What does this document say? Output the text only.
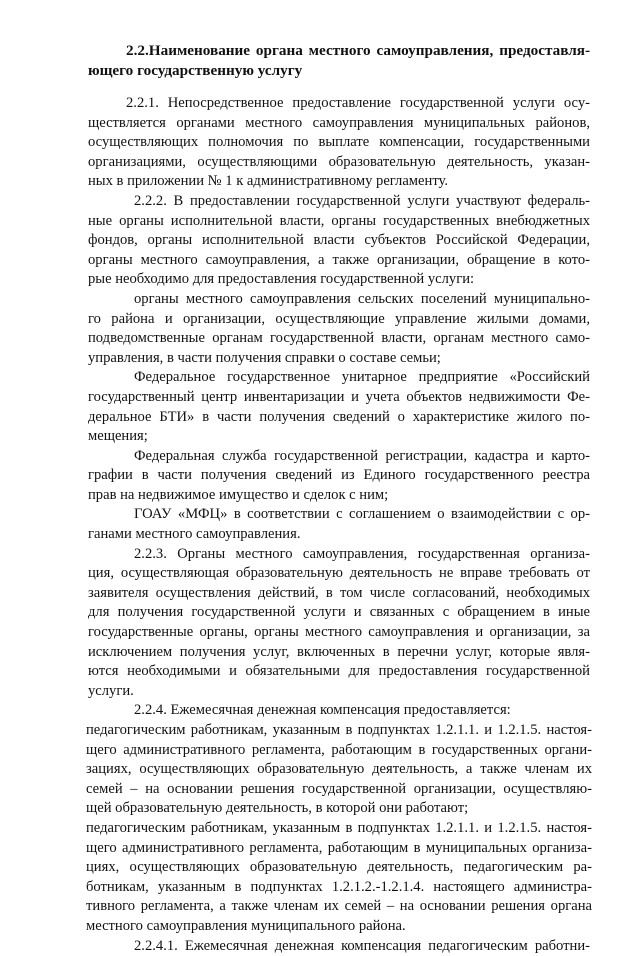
2.2.Наименование органа местного самоуправления, предоставля-
ющего государственную услугу

2.2.1. Непосредственное предоставление государственной услуги осу-
ществляется органами местного самоуправления муниципальных районов,
осуществляющих полномочия по выплате компенсации, государственными
организациями, осуществляющими образовательную деятельность, указан-
ных в приложении № 1 к административному регламенту.

2.2.2. В предоставлении государственной услуги участвуют федераль-
ные органы исполнительной власти, органы государственных внебюджетных
фондов, органы исполнительной власти субъектов Российской Федерации,
органы местного самоуправления, а также организации, обращение в кото-
рые необходимо для предоставления государственной услуги:

органы местного самоуправления сельских поселений муниципально-
го района и организации, осуществляющие управление жилыми домами,
подведомственные органам государственной власти, органам местного само-
управления, в части получения справки о составе семьи;

Федеральное государственное унитарное предприятие «Российский
государственный центр инвентаризации и учета объектов недвижимости Фе-
деральное БТИ» в части получения сведений о характеристике жилого по-
мещения;

Федеральная служба государственной регистрации, кадастра и карто-
графии в части получения сведений из Единого государственного реестра
прав на недвижимое имущество и сделок с ним;

ГОАУ «МФЦ» в соответствии с соглашением о взаимодействии с ор-
ганами местного самоуправления.

2.2.3. Органы местного самоуправления, государственная организа-
ция, осуществляющая образовательную деятельность не вправе требовать от
заявителя осуществления действий, в том числе согласований, необходимых
для получения государственной услуги и связанных с обращением в иные
государственные органы, органы местного самоуправления и организации, за
исключением получения услуг, включенных в перечни услуг, которые явля-
ются необходимыми и обязательными для предоставления государственной
услуги.

2.2.4. Ежемесячная денежная компенсация предоставляется:

педагогическим работникам, указанным в подпунктах 1.2.1.1. и 1.2.1.5. настоя-
щего административного регламента, работающим в государственных органи-
зациях, осуществляющих образовательную деятельность, а также членам их
семей – на основании решения государственной организации, осуществляю-
щей образовательную деятельность, в которой они работают;

педагогическим работникам, указанным в подпунктах 1.2.1.1. и 1.2.1.5. настоя-
щего административного регламента, работающим в муниципальных организа-
циях, осуществляющих образовательную деятельность, педагогическим ра-
ботникам, указанным в подпунктах 1.2.1.2.-1.2.1.4. настоящего администра-
тивного регламента, а также членам их семей – на основании решения органа
местного самоуправления муниципального района.

2.2.4.1. Ежемесячная денежная компенсация педагогическим работни-
